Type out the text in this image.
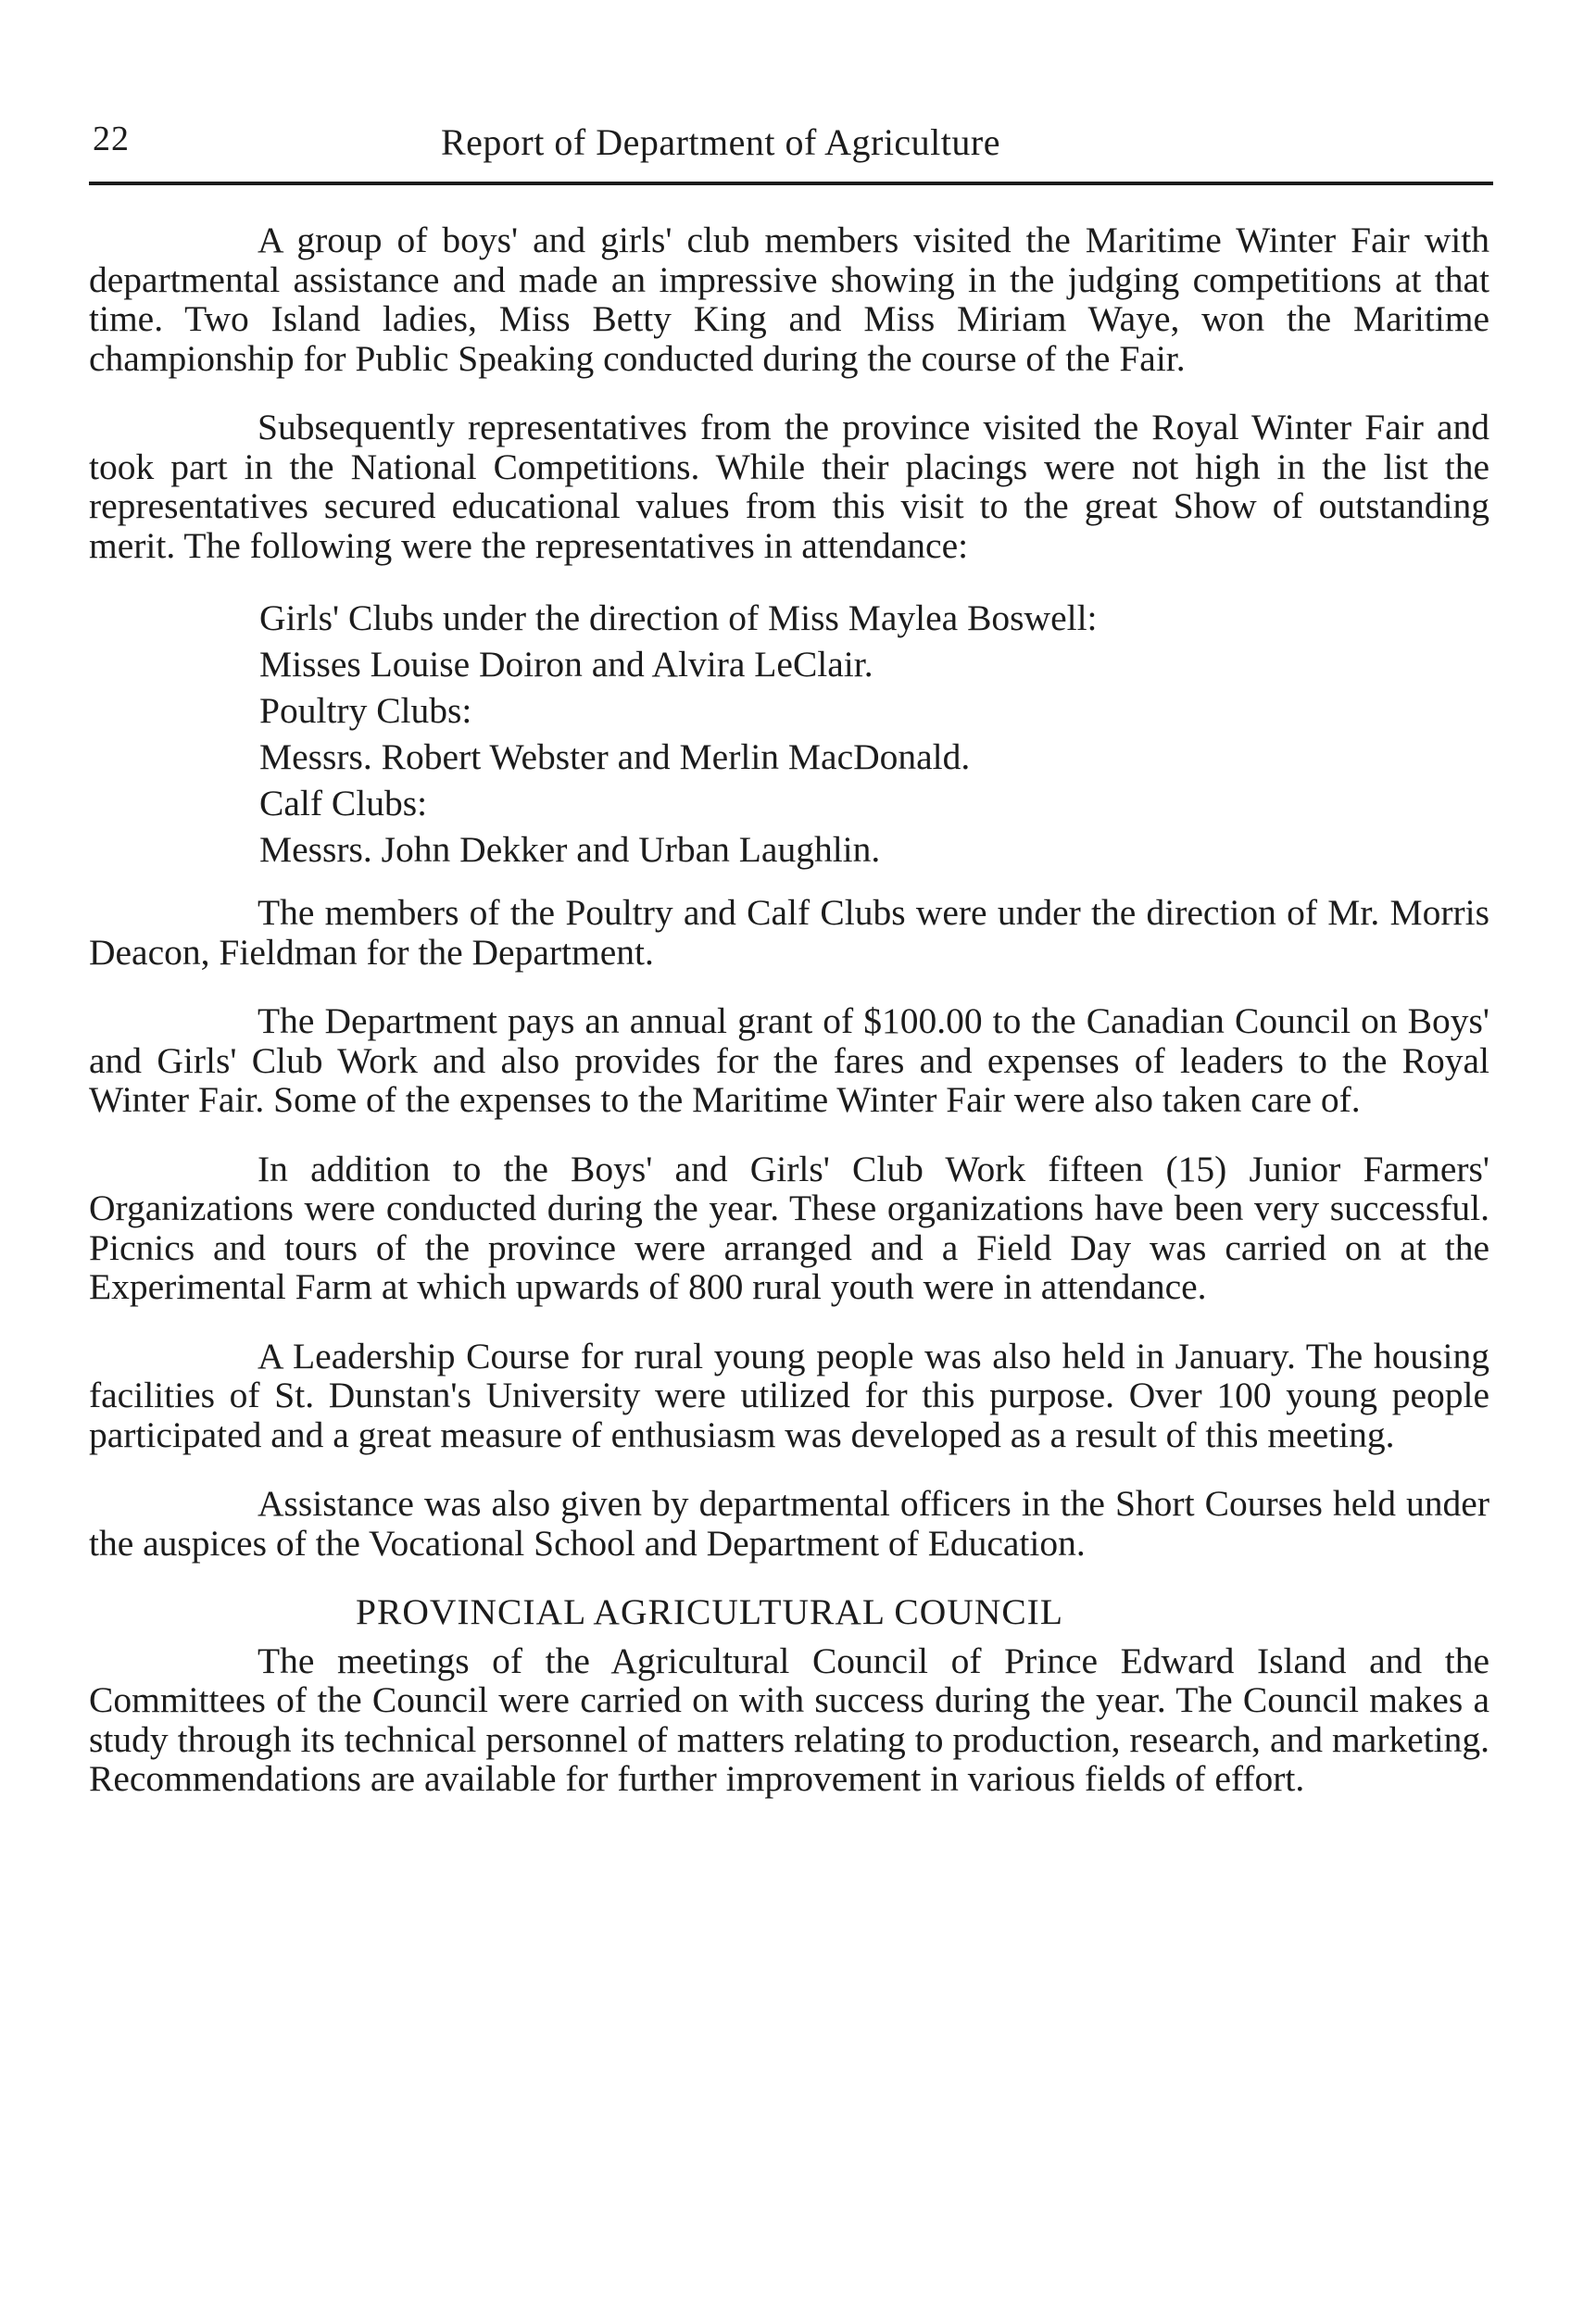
22	Report of Department of Agriculture

A group of boys' and girls' club members visited the Maritime Winter Fair with departmental assistance and made an impressive showing in the judging competitions at that time. Two Island ladies, Miss Betty King and Miss Miriam Waye, won the Maritime championship for Public Speaking conducted during the course of the Fair.

Subsequently representatives from the province visited the Royal Winter Fair and took part in the National Competitions. While their placings were not high in the list the representatives secured educational values from this visit to the great Show of outstanding merit. The following were the representatives in attendance:

Girls' Clubs under the direction of Miss Maylea Boswell:

Misses Louise Doiron and Alvira LeClair.

Poultry Clubs:

Messrs. Robert Webster and Merlin MacDonald.

Calf Clubs:

Messrs. John Dekker and Urban Laughlin.

The members of the Poultry and Calf Clubs were under the direction of Mr. Morris Deacon, Fieldman for the Department.

The Department pays an annual grant of $100.00 to the Canadian Council on Boys' and Girls' Club Work and also provides for the fares and expenses of leaders to the Royal Winter Fair. Some of the expenses to the Maritime Winter Fair were also taken care of.

In addition to the Boys' and Girls' Club Work fifteen (15) Junior Farmers' Organizations were conducted during the year. These organizations have been very successful. Picnics and tours of the province were arranged and a Field Day was carried on at the Experimental Farm at which upwards of 800 rural youth were in attendance.

A Leadership Course for rural young people was also held in January. The housing facilities of St. Dunstan's University were utilized for this purpose. Over 100 young people participated and a great measure of enthusiasm was developed as a result of this meeting.

Assistance was also given by departmental officers in the Short Courses held under the auspices of the Vocational School and Department of Education.

PROVINCIAL AGRICULTURAL COUNCIL

The meetings of the Agricultural Council of Prince Edward Island and the Committees of the Council were carried on with success during the year. The Council makes a study through its technical personnel of matters relating to production, research, and marketing. Recommendations are available for further improvement in various fields of effort.
